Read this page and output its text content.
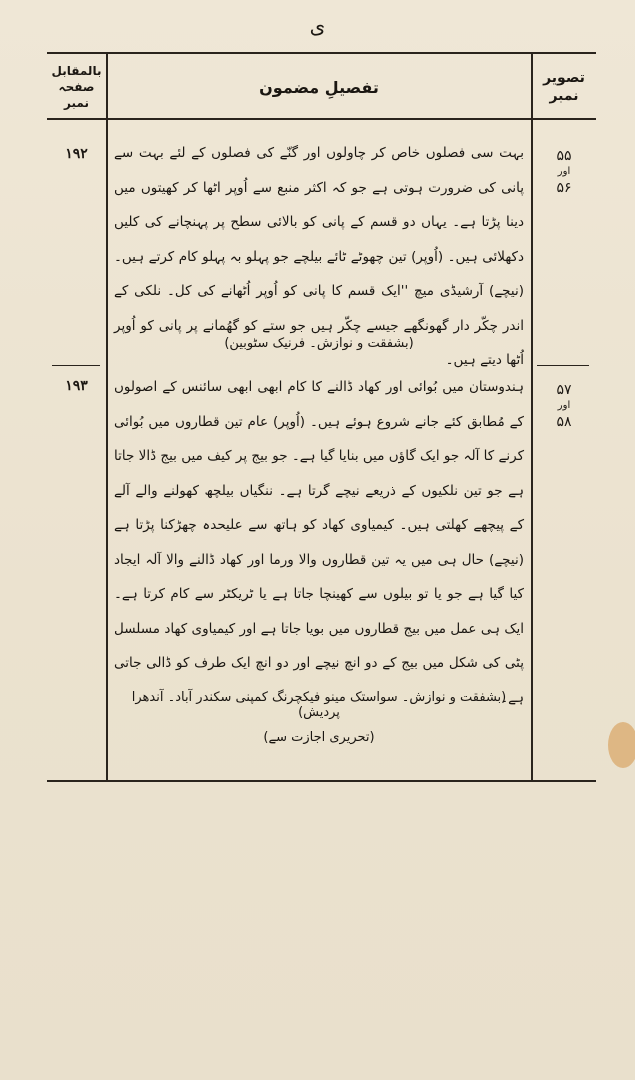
ی
تصویر نمبر
تفصیلِ مضمون
بالمقابل صفحہ نمبر
۵۵
اور
۵۶
۱۹۲	بہت سی فصلوں خاص کر چاولوں اور گنّے کی فصلوں کے لئے بہت سے پانی کی ضرورت ہوتی ہے جو کہ اکثر منبع سے اُوپر اٹھا کر کھیتوں میں دینا پڑتا ہے۔ یہاں دو قسم کے پانی کو بالائی سطح پر پہنچانے کی کلیں دکھلائی ہیں۔ (اُوپر) تین چھوٹے ٹائے بیلچے جو پہلو بہ پہلو کام کرتے ہیں۔ (نیچے) آرشیڈی میچ ''ایک قسم کا پانی کو اُوپر اُٹھانے کی کل۔ نلکی کے اندر چکّر دار گھونگھے جیسے چکّر ہیں جو ستے کو گھُمانے پر پانی کو اُوپر اُٹھا دیتے ہیں۔
(بشفقت و نوازش۔ فرنیک سٹوبین)
۵۷
اور
۵۸
۱۹۳	ہندوستان میں بُوائی اور کھاد ڈالنے کا کام ابھی ابھی سائنس کے اصولوں کے مُطابق کئے جانے شروع ہوئے ہیں۔ (اُوپر) عام تین قطاروں میں بُوائی کرنے کا آلہ جو ایک گاؤں میں بنایا گیا ہے۔ جو بیج پر کیف میں بیج ڈالا جاتا ہے جو تین نلکیوں کے ذریعے نیچے گرتا ہے۔ ننگیاں بیلچھ کھولنے والے آلے کے پیچھے کھلتی ہیں۔ کیمیاوی کھاد کو ہاتھ سے علیحدہ چھڑکنا پڑتا ہے (نیچے) حال ہی میں یہ تین قطاروں والا ورما اور کھاد ڈالنے والا آلہ ایجاد کیا گیا ہے جو یا تو بیلوں سے کھینچا جاتا ہے یا ٹریکٹر سے کام کرتا ہے۔ ایک ہی عمل میں بیج قطاروں میں بویا جاتا ہے اور کیمیاوی کھاد مسلسل پٹی کی شکل میں بیج کے دو انچ نیچے اور دو انچ ایک طرف کو ڈالی جاتی ہے۔
(بشفقت و نوازش۔ سواستک مینو فیکچرنگ کمپنی سکندر آباد۔ آندھرا پردیش)
(تحریری اجازت سے)
